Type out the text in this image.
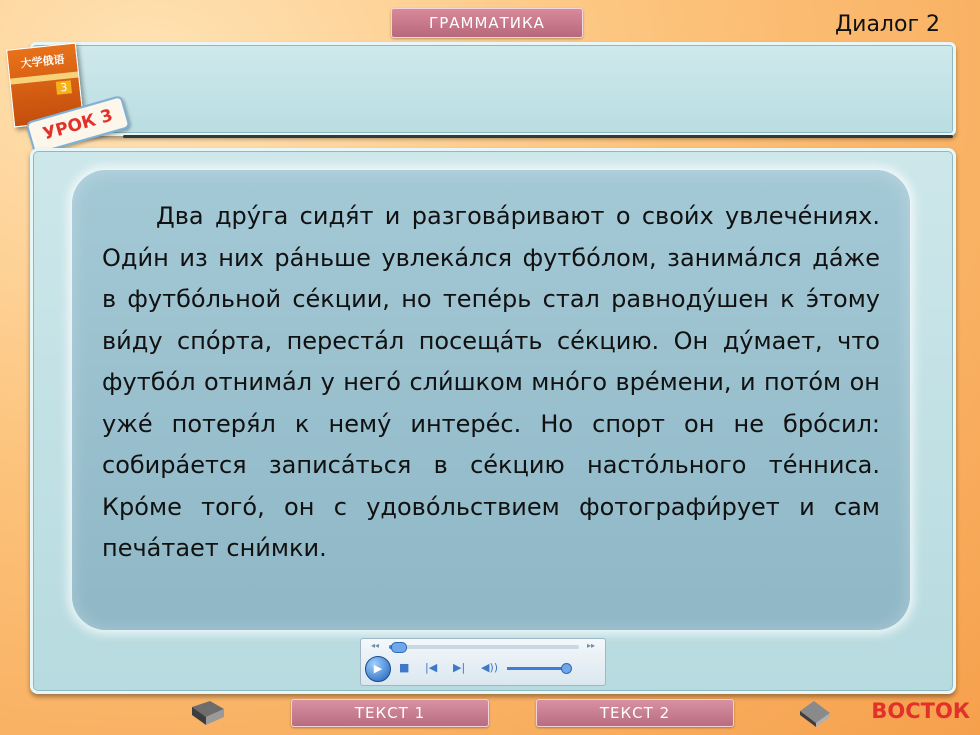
ГРАММАТИКА	Диалог 2
大学俄语
3
УРОК 3

Два дру́га сидя́т и разгова́ривают о свои́х увлече́ниях. Оди́н из них ра́ньше увлека́лся футбо́лом, занима́лся да́же в футбо́льной се́кции, но тепе́рь стал равноду́шен к э́тому ви́ду спо́рта, переста́л посеща́ть се́кцию. Он ду́мает, что футбо́л отнима́л у него́ сли́шком мно́го вре́мени, и пото́м он уже́ потеря́л к нему́ интере́с. Но спорт он не бро́сил: собира́ется записа́ться в се́кцию насто́льного те́нниса. Кро́ме того́, он с удово́льствием фотографи́рует и сам печа́тает сни́мки.

◂◂	▸▸
▶	■ |◀ ▶| ◀))
ТЕКСТ 1	ТЕКСТ 2	ВОСТОК
